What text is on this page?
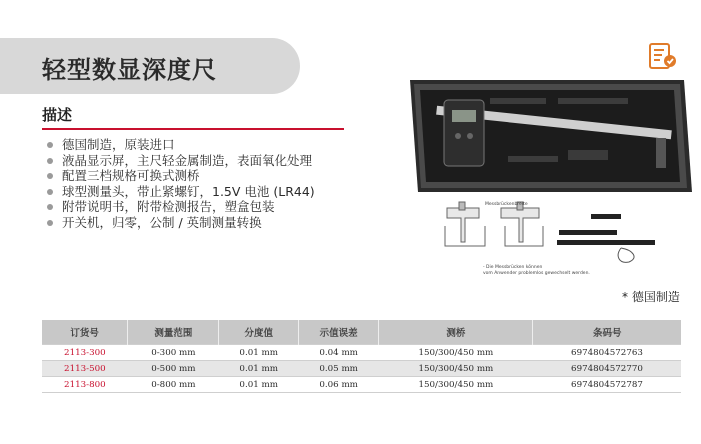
轻型数显深度尺
描述
德国制造，原装进口
液晶显示屏，主尺轻金属制造，表面氧化处理
配置三档规格可换式测桥
球型测量头，带止紧螺钉，1.5V 电池 (LR44)
附带说明书，附带检测报告，塑盒包装
开关机，归零，公制 / 英制测量转换
Messbrückenbreite
- Die Messbrücken können
vom Anwender problemlos gewechselt werden.
* 德国制造
订货号	测量范围	分度值	示值误差	测桥	条码号
2113-300	0-300 mm	0.01 mm	0.04 mm	150/300/450 mm	6974804572763
2113-500	0-500 mm	0.01 mm	0.05 mm	150/300/450 mm	6974804572770
2113-800	0-800 mm	0.01 mm	0.06 mm	150/300/450 mm	6974804572787
